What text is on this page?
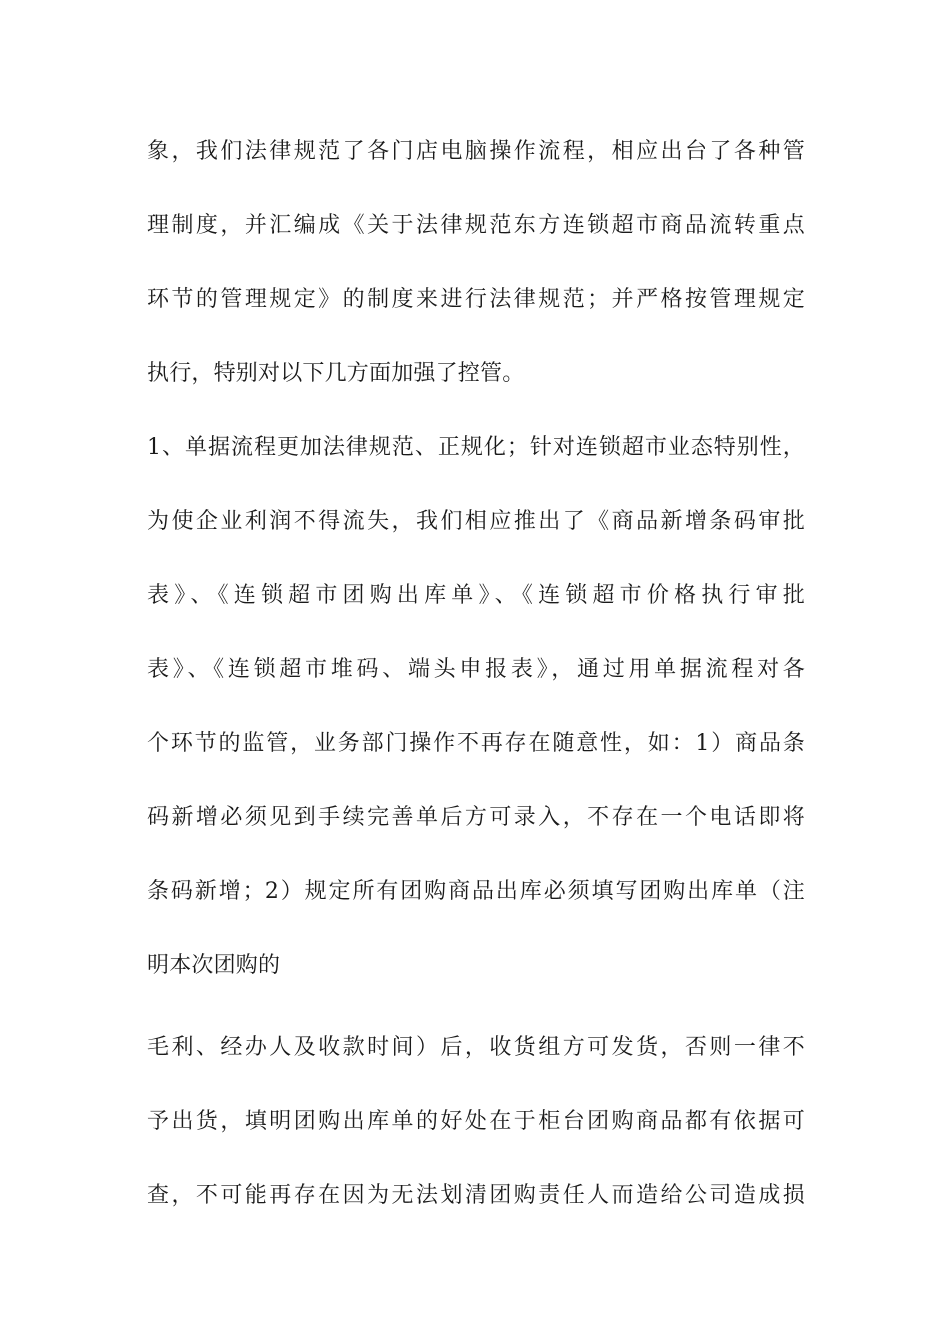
象，我们法律规范了各门店电脑操作流程，相应出台了各种管
理制度，并汇编成《关于法律规范东方连锁超市商品流转重点
环节的管理规定》的制度来进行法律规范；并严格按管理规定
执行，特别对以下几方面加强了控管。
1、单据流程更加法律规范、正规化；针对连锁超市业态特别性，
为使企业利润不得流失，我们相应推出了《商品新增条码审批
表》、《连锁超市团购出库单》、《连锁超市价格执行审批
表》、《连锁超市堆码、端头申报表》，通过用单据流程对各
个环节的监管，业务部门操作不再存在随意性，如：1）商品条
码新增必须见到手续完善单后方可录入，不存在一个电话即将
条码新增；2）规定所有团购商品出库必须填写团购出库单（注
明本次团购的
毛利、经办人及收款时间）后，收货组方可发货，否则一律不
予出货，填明团购出库单的好处在于柜台团购商品都有依据可
查，不可能再存在因为无法划清团购责任人而造给公司造成损
